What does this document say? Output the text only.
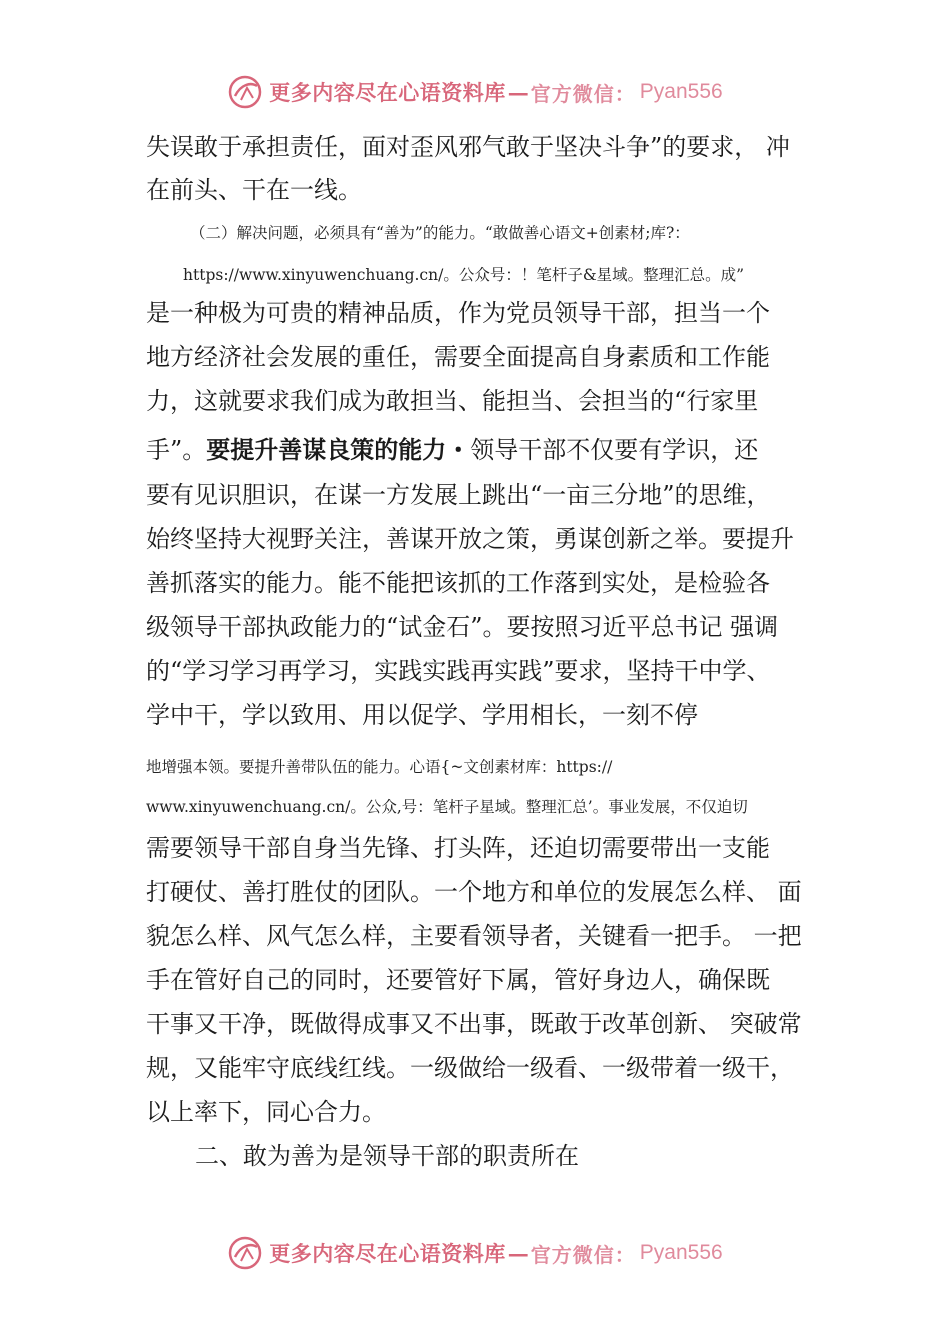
更多内容尽在心语资料库 — 官方微信： Pyan556
失误敢于承担责任，面对歪风邪气敢于坚决斗争”的要求， 冲
在前头、干在一线。
（二）解决问题，必须具有“善为”的能力。“敢做善心语文+创素材;库?：
https://www.xinyuwenchuang.cn/。公众号：！笔杆子&星域。整理汇总。成”
是一种极为可贵的精神品质，作为党员领导干部，担当一个
地方经济社会发展的重任，需要全面提高自身素质和工作能
力，这就要求我们成为敢担当、能担当、会担当的“行家里
手”。要提升善谋良策的能力・领导干部不仅要有学识，还
要有见识胆识，在谋一方发展上跳出“一亩三分地”的思维，
始终坚持大视野关注，善谋开放之策，勇谋创新之举。要提升
善抓落实的能力。能不能把该抓的工作落到实处，是检验各
级领导干部执政能力的“试金石”。要按照习近平总书记 强调
的“学习学习再学习，实践实践再实践”要求，坚持干中学、
学中干，学以致用、用以促学、学用相长，一刻不停
地增强本领。要提升善带队伍的能力。心语{~文创素材库：https://
www.xinyuwenchuang.cn/。公众,号：笔杆子星域。整理汇总’。事业发展，不仅迫切
需要领导干部自身当先锋、打头阵，还迫切需要带出一支能
打硬仗、善打胜仗的团队。一个地方和单位的发展怎么样、 面
貌怎么样、风气怎么样，主要看领导者，关键看一把手。 一把
手在管好自己的同时，还要管好下属，管好身边人，确保既
干事又干净，既做得成事又不出事，既敢于改革创新、 突破常
规，又能牢守底线红线。一级做给一级看、一级带着一级干，
以上率下，同心合力。
二、敢为善为是领导干部的职责所在
更多内容尽在心语资料库 — 官方微信： Pyan556
